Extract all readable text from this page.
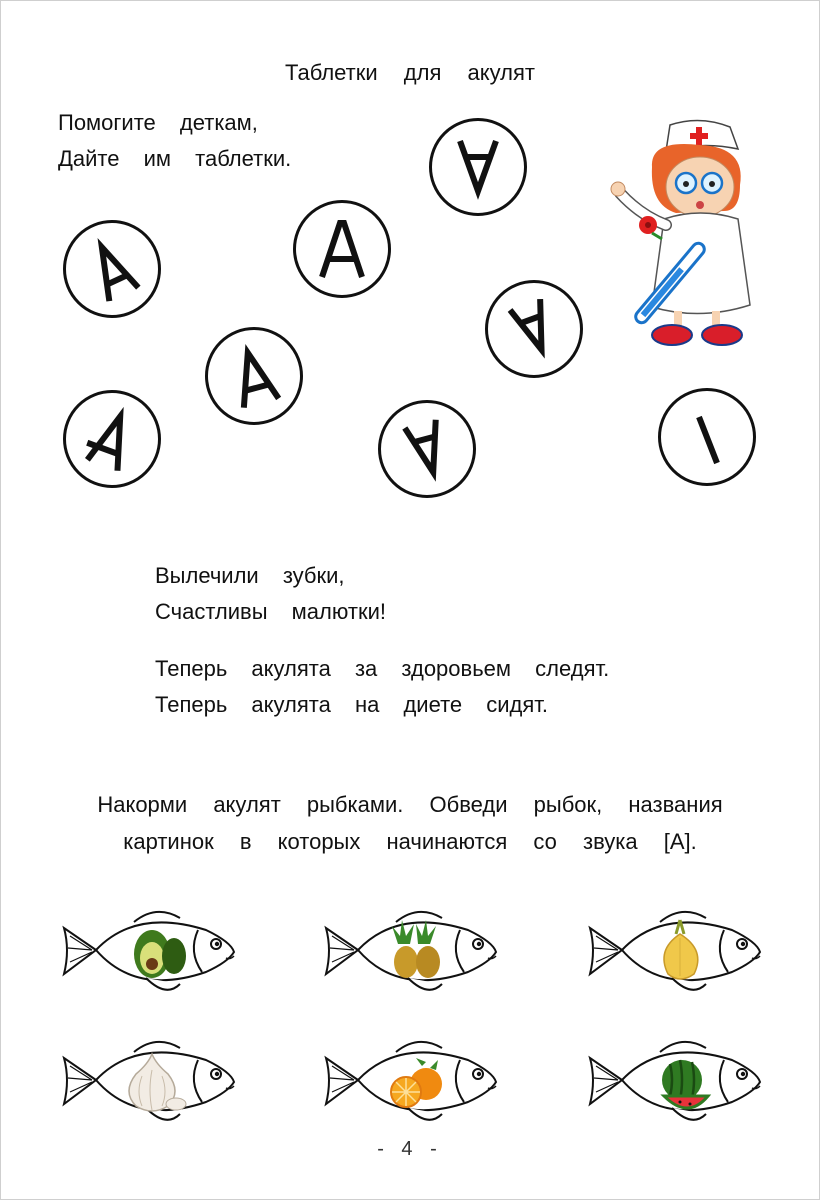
Таблетки для акулят
Помогите деткам,
Дайте им таблетки.
Вылечили зубки,
Счастливы малютки!
Теперь акулята за здоровьем следят.
Теперь акулята на диете сидят.
Накорми акулят рыбками. Обведи рыбок, названия
картинок в которых начинаются со звука [А].
- 4 -
